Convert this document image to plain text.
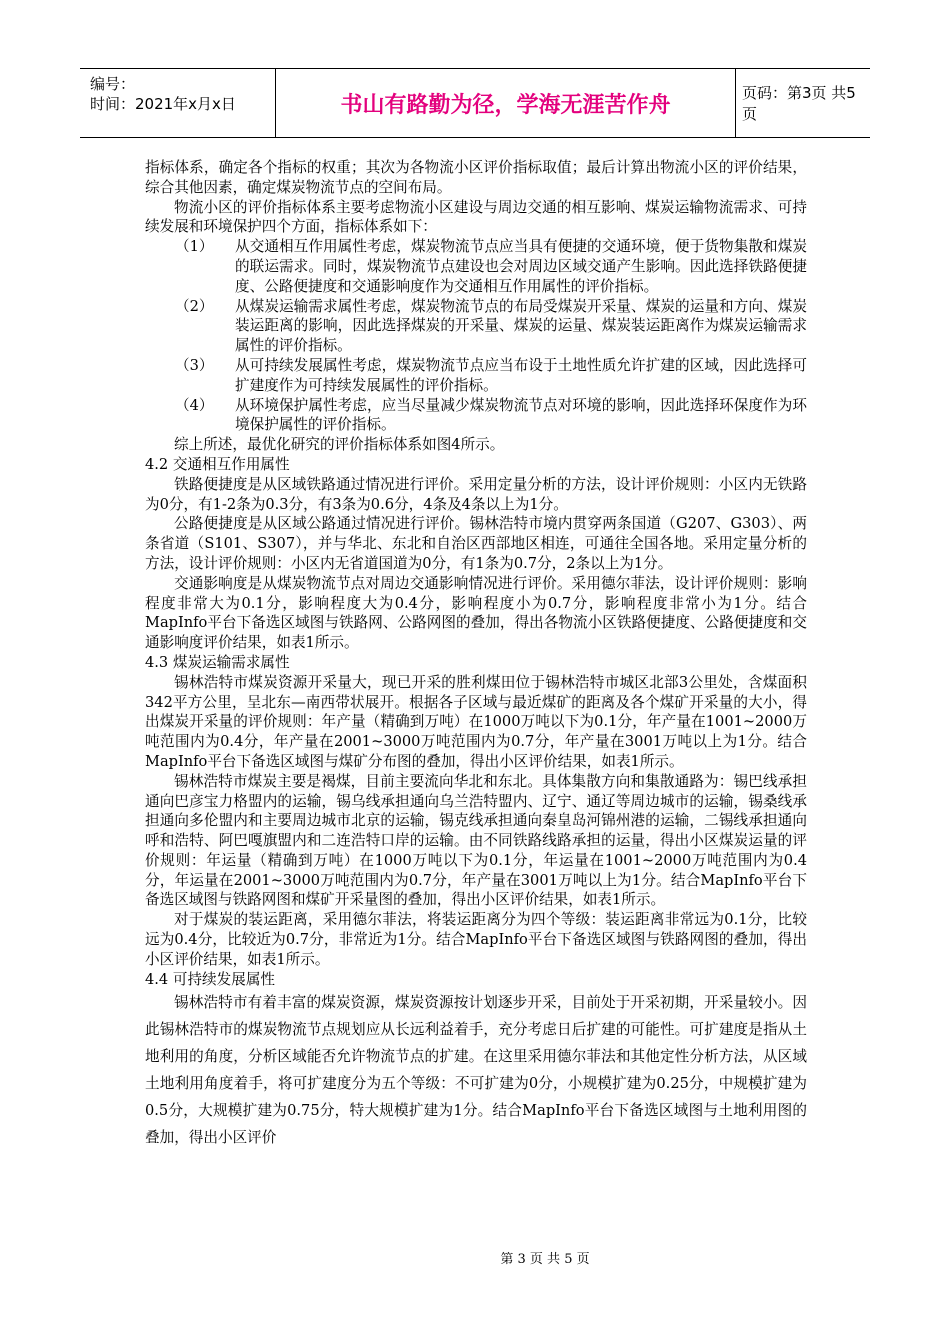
编号：
时间：2021年x月x日	书山有路勤为径，学海无涯苦作舟	页码：第3页 共5页

指标体系，确定各个指标的权重；其次为各物流小区评价指标取值；最后计算出物流小区的评价结果，综合其他因素，确定煤炭物流节点的空间布局。

物流小区的评价指标体系主要考虑物流小区建设与周边交通的相互影响、煤炭运输物流需求、可持续发展和环境保护四个方面，指标体系如下：

（1）	从交通相互作用属性考虑，煤炭物流节点应当具有便捷的交通环境，便于货物集散和煤炭的联运需求。同时，煤炭物流节点建设也会对周边区域交通产生影响。因此选择铁路便捷度、公路便捷度和交通影响度作为交通相互作用属性的评价指标。
（2）	从煤炭运输需求属性考虑，煤炭物流节点的布局受煤炭开采量、煤炭的运量和方向、煤炭装运距离的影响，因此选择煤炭的开采量、煤炭的运量、煤炭装运距离作为煤炭运输需求属性的评价指标。
（3）	从可持续发展属性考虑，煤炭物流节点应当布设于土地性质允许扩建的区域，因此选择可扩建度作为可持续发展属性的评价指标。
（4）	从环境保护属性考虑，应当尽量减少煤炭物流节点对环境的影响，因此选择环保度作为环境保护属性的评价指标。

综上所述，最优化研究的评价指标体系如图4所示。

4.2 交通相互作用属性

铁路便捷度是从区域铁路通过情况进行评价。采用定量分析的方法，设计评价规则：小区内无铁路为0分，有1-2条为0.3分，有3条为0.6分，4条及4条以上为1分。

公路便捷度是从区域公路通过情况进行评价。锡林浩特市境内贯穿两条国道（G207、G303）、两条省道（S101、S307），并与华北、东北和自治区西部地区相连，可通往全国各地。采用定量分析的方法，设计评价规则：小区内无省道国道为0分，有1条为0.7分，2条以上为1分。

交通影响度是从煤炭物流节点对周边交通影响情况进行评价。采用德尔菲法，设计评价规则：影响程度非常大为0.1分，影响程度大为0.4分，影响程度小为0.7分，影响程度非常小为1分。结合MapInfo平台下备选区域图与铁路网、公路网图的叠加，得出各物流小区铁路便捷度、公路便捷度和交通影响度评价结果，如表1所示。

4.3 煤炭运输需求属性

锡林浩特市煤炭资源开采量大，现已开采的胜利煤田位于锡林浩特市城区北部3公里处，含煤面积342平方公里，呈北东—南西带状展开。根据各子区域与最近煤矿的距离及各个煤矿开采量的大小，得出煤炭开采量的评价规则：年产量（精确到万吨）在1000万吨以下为0.1分，年产量在1001~2000万吨范围内为0.4分，年产量在2001~3000万吨范围内为0.7分，年产量在3001万吨以上为1分。结合MapInfo平台下备选区域图与煤矿分布图的叠加，得出小区评价结果，如表1所示。

锡林浩特市煤炭主要是褐煤，目前主要流向华北和东北。具体集散方向和集散通路为：锡巴线承担通向巴彦宝力格盟内的运输，锡乌线承担通向乌兰浩特盟内、辽宁、通辽等周边城市的运输，锡桑线承担通向多伦盟内和主要周边城市北京的运输，锡克线承担通向秦皇岛河锦州港的运输，二锡线承担通向呼和浩特、阿巴嘎旗盟内和二连浩特口岸的运输。由不同铁路线路承担的运量，得出小区煤炭运量的评价规则：年运量（精确到万吨）在1000万吨以下为0.1分，年运量在1001~2000万吨范围内为0.4分，年运量在2001~3000万吨范围内为0.7分，年产量在3001万吨以上为1分。结合MapInfo平台下备选区域图与铁路网图和煤矿开采量图的叠加，得出小区评价结果，如表1所示。

对于煤炭的装运距离，采用德尔菲法，将装运距离分为四个等级：装运距离非常远为0.1分，比较远为0.4分，比较近为0.7分，非常近为1分。结合MapInfo平台下备选区域图与铁路网图的叠加，得出小区评价结果，如表1所示。

4.4 可持续发展属性

锡林浩特市有着丰富的煤炭资源，煤炭资源按计划逐步开采，目前处于开采初期，开采量较小。因此锡林浩特市的煤炭物流节点规划应从长远利益着手，充分考虑日后扩建的可能性。可扩建度是指从土地利用的角度，分析区域能否允许物流节点的扩建。在这里采用德尔菲法和其他定性分析方法，从区域土地利用角度着手，将可扩建度分为五个等级：不可扩建为0分，小规模扩建为0.25分，中规模扩建为0.5分，大规模扩建为0.75分，特大规模扩建为1分。结合MapInfo平台下备选区域图与土地利用图的叠加，得出小区评价

第 3 页 共 5 页
